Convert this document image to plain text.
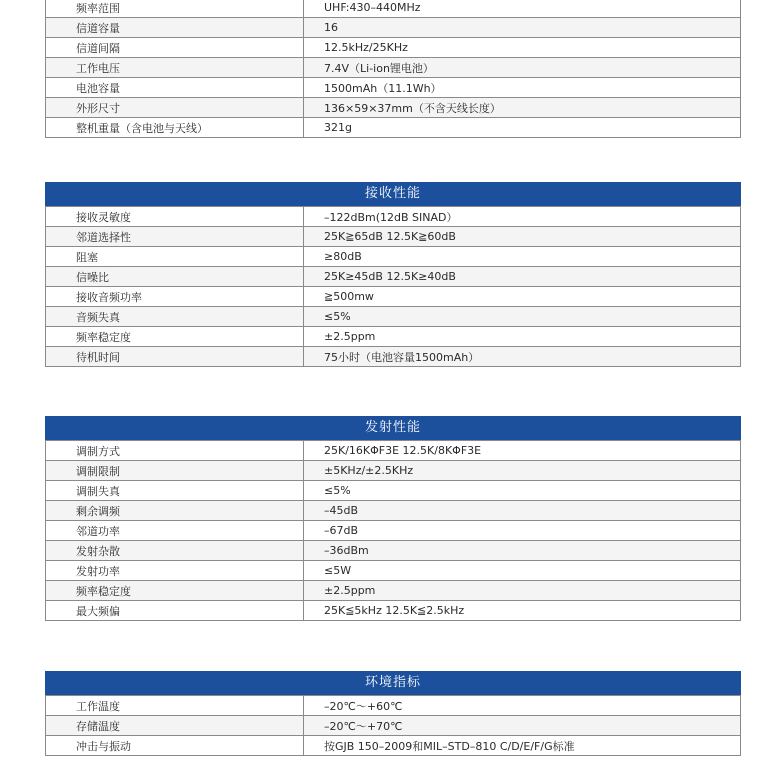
频率范围	UHF:430–440MHz
信道容量	16
信道间隔	12.5kHz/25KHz
工作电压	7.4V（Li-ion锂电池）
电池容量	1500mAh（11.1Wh）
外形尺寸	136×59×37mm（不含天线长度）
整机重量（含电池与天线）	321g
接收性能
接收灵敏度	–122dBm(12dB SINAD）
邻道选择性	25K≧65dB 12.5K≧60dB
阻塞	≥80dB
信噪比	25K≥45dB 12.5K≥40dB
接收音频功率	≧500mw
音频失真	≤5%
频率稳定度	±2.5ppm
待机时间	75小时（电池容量1500mAh）
发射性能
调制方式	25K/16KΦF3E 12.5K/8KΦF3E
调制限制	±5KHz/±2.5KHz
调制失真	≤5%
剩余调频	–45dB
邻道功率	–67dB
发射杂散	–36dBm
发射功率	≤5W
频率稳定度	±2.5ppm
最大频偏	25K≦5kHz 12.5K≦2.5kHz
环境指标
工作温度	–20℃～+60℃
存储温度	–20℃～+70℃
冲击与振动	按GJB 150–2009和MIL–STD–810 C/D/E/F/G标准
